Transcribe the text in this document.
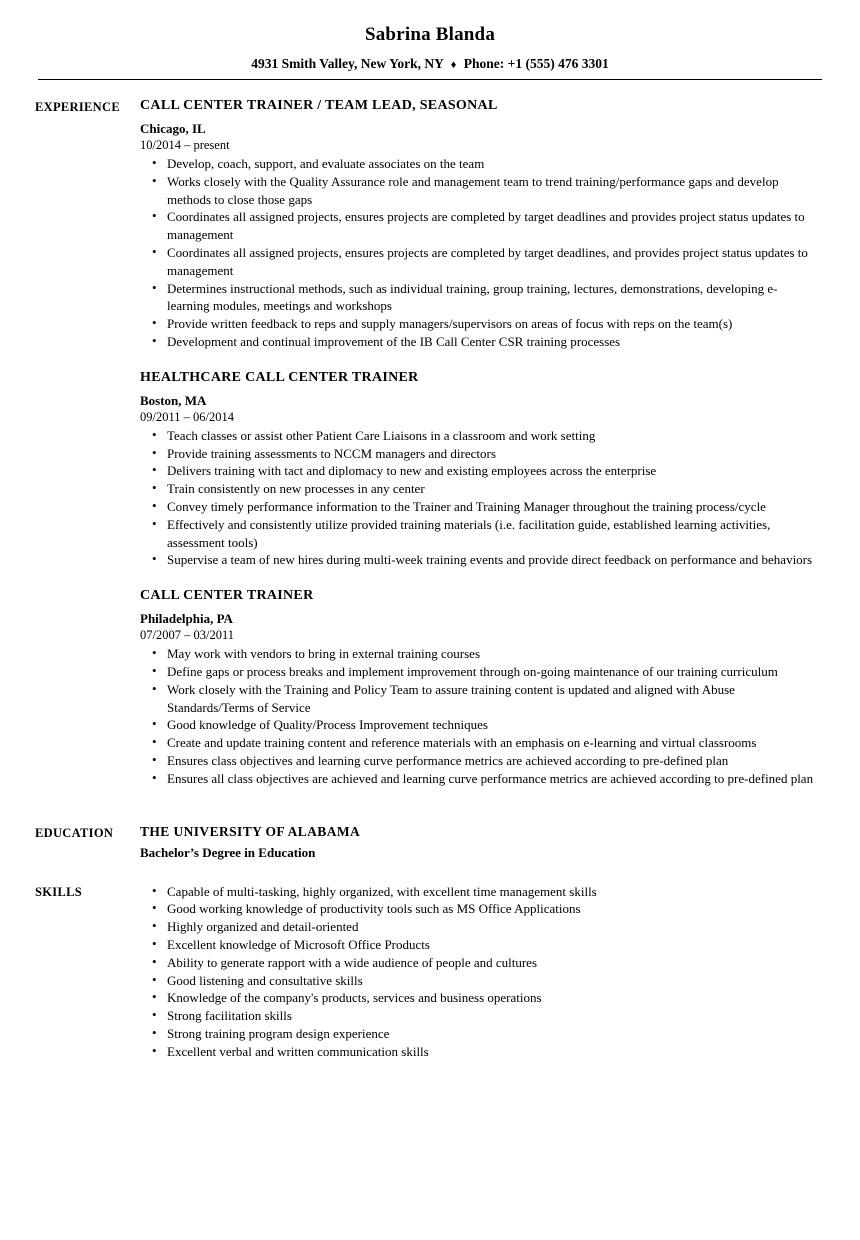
Sabrina Blanda
4931 Smith Valley, New York, NY ♦ Phone: +1 (555) 476 3301
EXPERIENCE CALL CENTER TRAINER / TEAM LEAD, SEASONAL
Chicago, IL
10/2014 – present
• Develop, coach, support, and evaluate associates on the team
• Works closely with the Quality Assurance role and management team to trend training/performance gaps and develop methods to close those gaps
• Coordinates all assigned projects, ensures projects are completed by target deadlines and provides project status updates to management
• Coordinates all assigned projects, ensures projects are completed by target deadlines, and provides project status updates to management
• Determines instructional methods, such as individual training, group training, lectures, demonstrations, developing e-learning modules, meetings and workshops
• Provide written feedback to reps and supply managers/supervisors on areas of focus with reps on the team(s)
• Development and continual improvement of the IB Call Center CSR training processes
HEALTHCARE CALL CENTER TRAINER
Boston, MA
09/2011 – 06/2014
• Teach classes or assist other Patient Care Liaisons in a classroom and work setting
• Provide training assessments to NCCM managers and directors
• Delivers training with tact and diplomacy to new and existing employees across the enterprise
• Train consistently on new processes in any center
• Convey timely performance information to the Trainer and Training Manager throughout the training process/cycle
• Effectively and consistently utilize provided training materials (i.e. facilitation guide, established learning activities, assessment tools)
• Supervise a team of new hires during multi-week training events and provide direct feedback on performance and behaviors
CALL CENTER TRAINER
Philadelphia, PA
07/2007 – 03/2011
• May work with vendors to bring in external training courses
• Define gaps or process breaks and implement improvement through on-going maintenance of our training curriculum
• Work closely with the Training and Policy Team to assure training content is updated and aligned with Abuse Standards/Terms of Service
• Good knowledge of Quality/Process Improvement techniques
• Create and update training content and reference materials with an emphasis on e-learning and virtual classrooms
• Ensures class objectives and learning curve performance metrics are achieved according to pre-defined plan
• Ensures all class objectives are achieved and learning curve performance metrics are achieved according to pre-defined plan
EDUCATION	THE UNIVERSITY OF ALABAMA
Bachelor’s Degree in Education
SKILLS	• Capable of multi-tasking, highly organized, with excellent time management skills
• Good working knowledge of productivity tools such as MS Office Applications
• Highly organized and detail-oriented
• Excellent knowledge of Microsoft Office Products
• Ability to generate rapport with a wide audience of people and cultures
• Good listening and consultative skills
• Knowledge of the company's products, services and business operations
• Strong facilitation skills
• Strong training program design experience
• Excellent verbal and written communication skills
